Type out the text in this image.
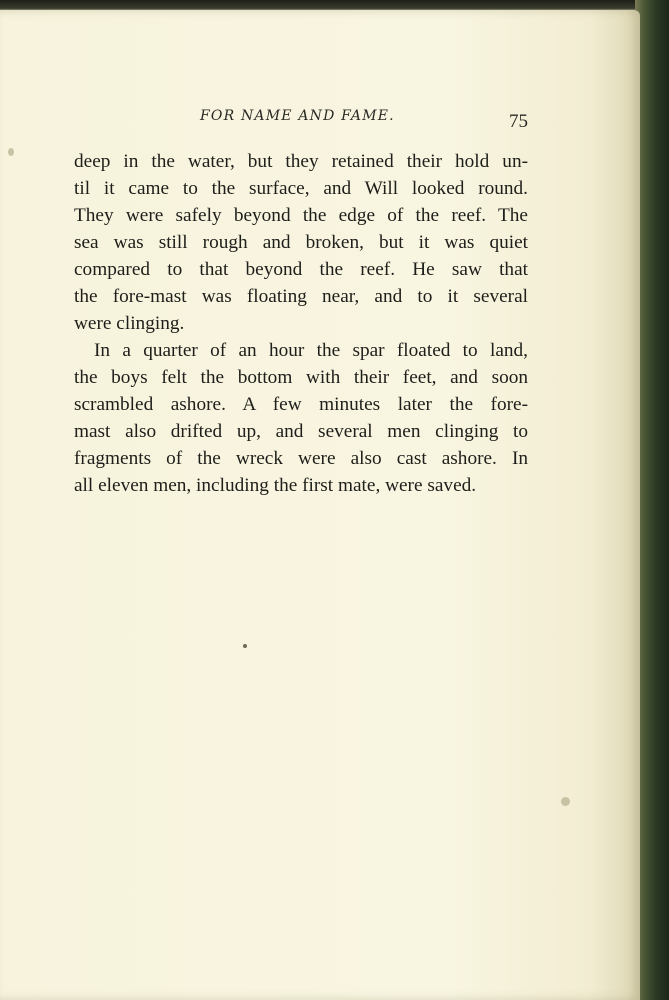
FOR NAME AND FAME.	75
deep in the water, but they retained their hold un-
til it came to the surface, and Will looked round.
They were safely beyond the edge of the reef. The
sea was still rough and broken, but it was quiet
compared to that beyond the reef. He saw that
the fore-mast was floating near, and to it several
were clinging.
In a quarter of an hour the spar floated to land,
the boys felt the bottom with their feet, and soon
scrambled ashore. A few minutes later the fore-
mast also drifted up, and several men clinging to
fragments of the wreck were also cast ashore. In
all eleven men, including the first mate, were saved.
